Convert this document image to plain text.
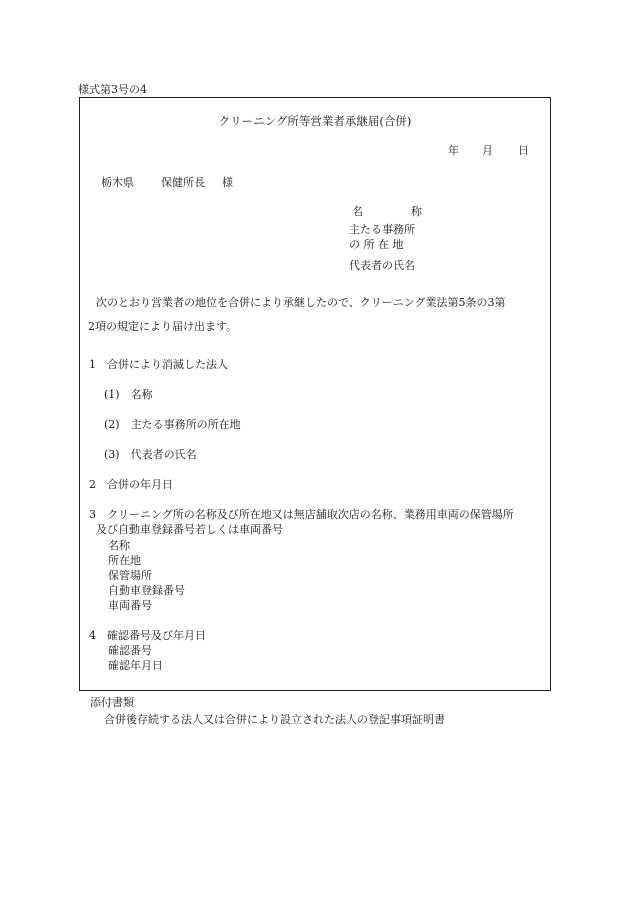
様式第3号の4
クリーニング所等営業者承継届(合併)
年 月 日
栃木県 保健所長 様
名	称
主たる事務所
の 所 在 地
代表者の氏名
次のとおり営業者の地位を合併により承継したので、クリーニング業法第5条の3第
2項の規定により届け出ます。
1　合併により消滅した法人
(1)　名称
(2)　主たる事務所の所在地
(3)　代表者の氏名
2　合併の年月日
3　クリーニング所の名称及び所在地又は無店舗取次店の名称、業務用車両の保管場所
及び自動車登録番号若しくは車両番号
名称
所在地
保管場所
自動車登録番号
車両番号
4　確認番号及び年月日
確認番号
確認年月日
添付書類
合併後存続する法人又は合併により設立された法人の登記事項証明書
